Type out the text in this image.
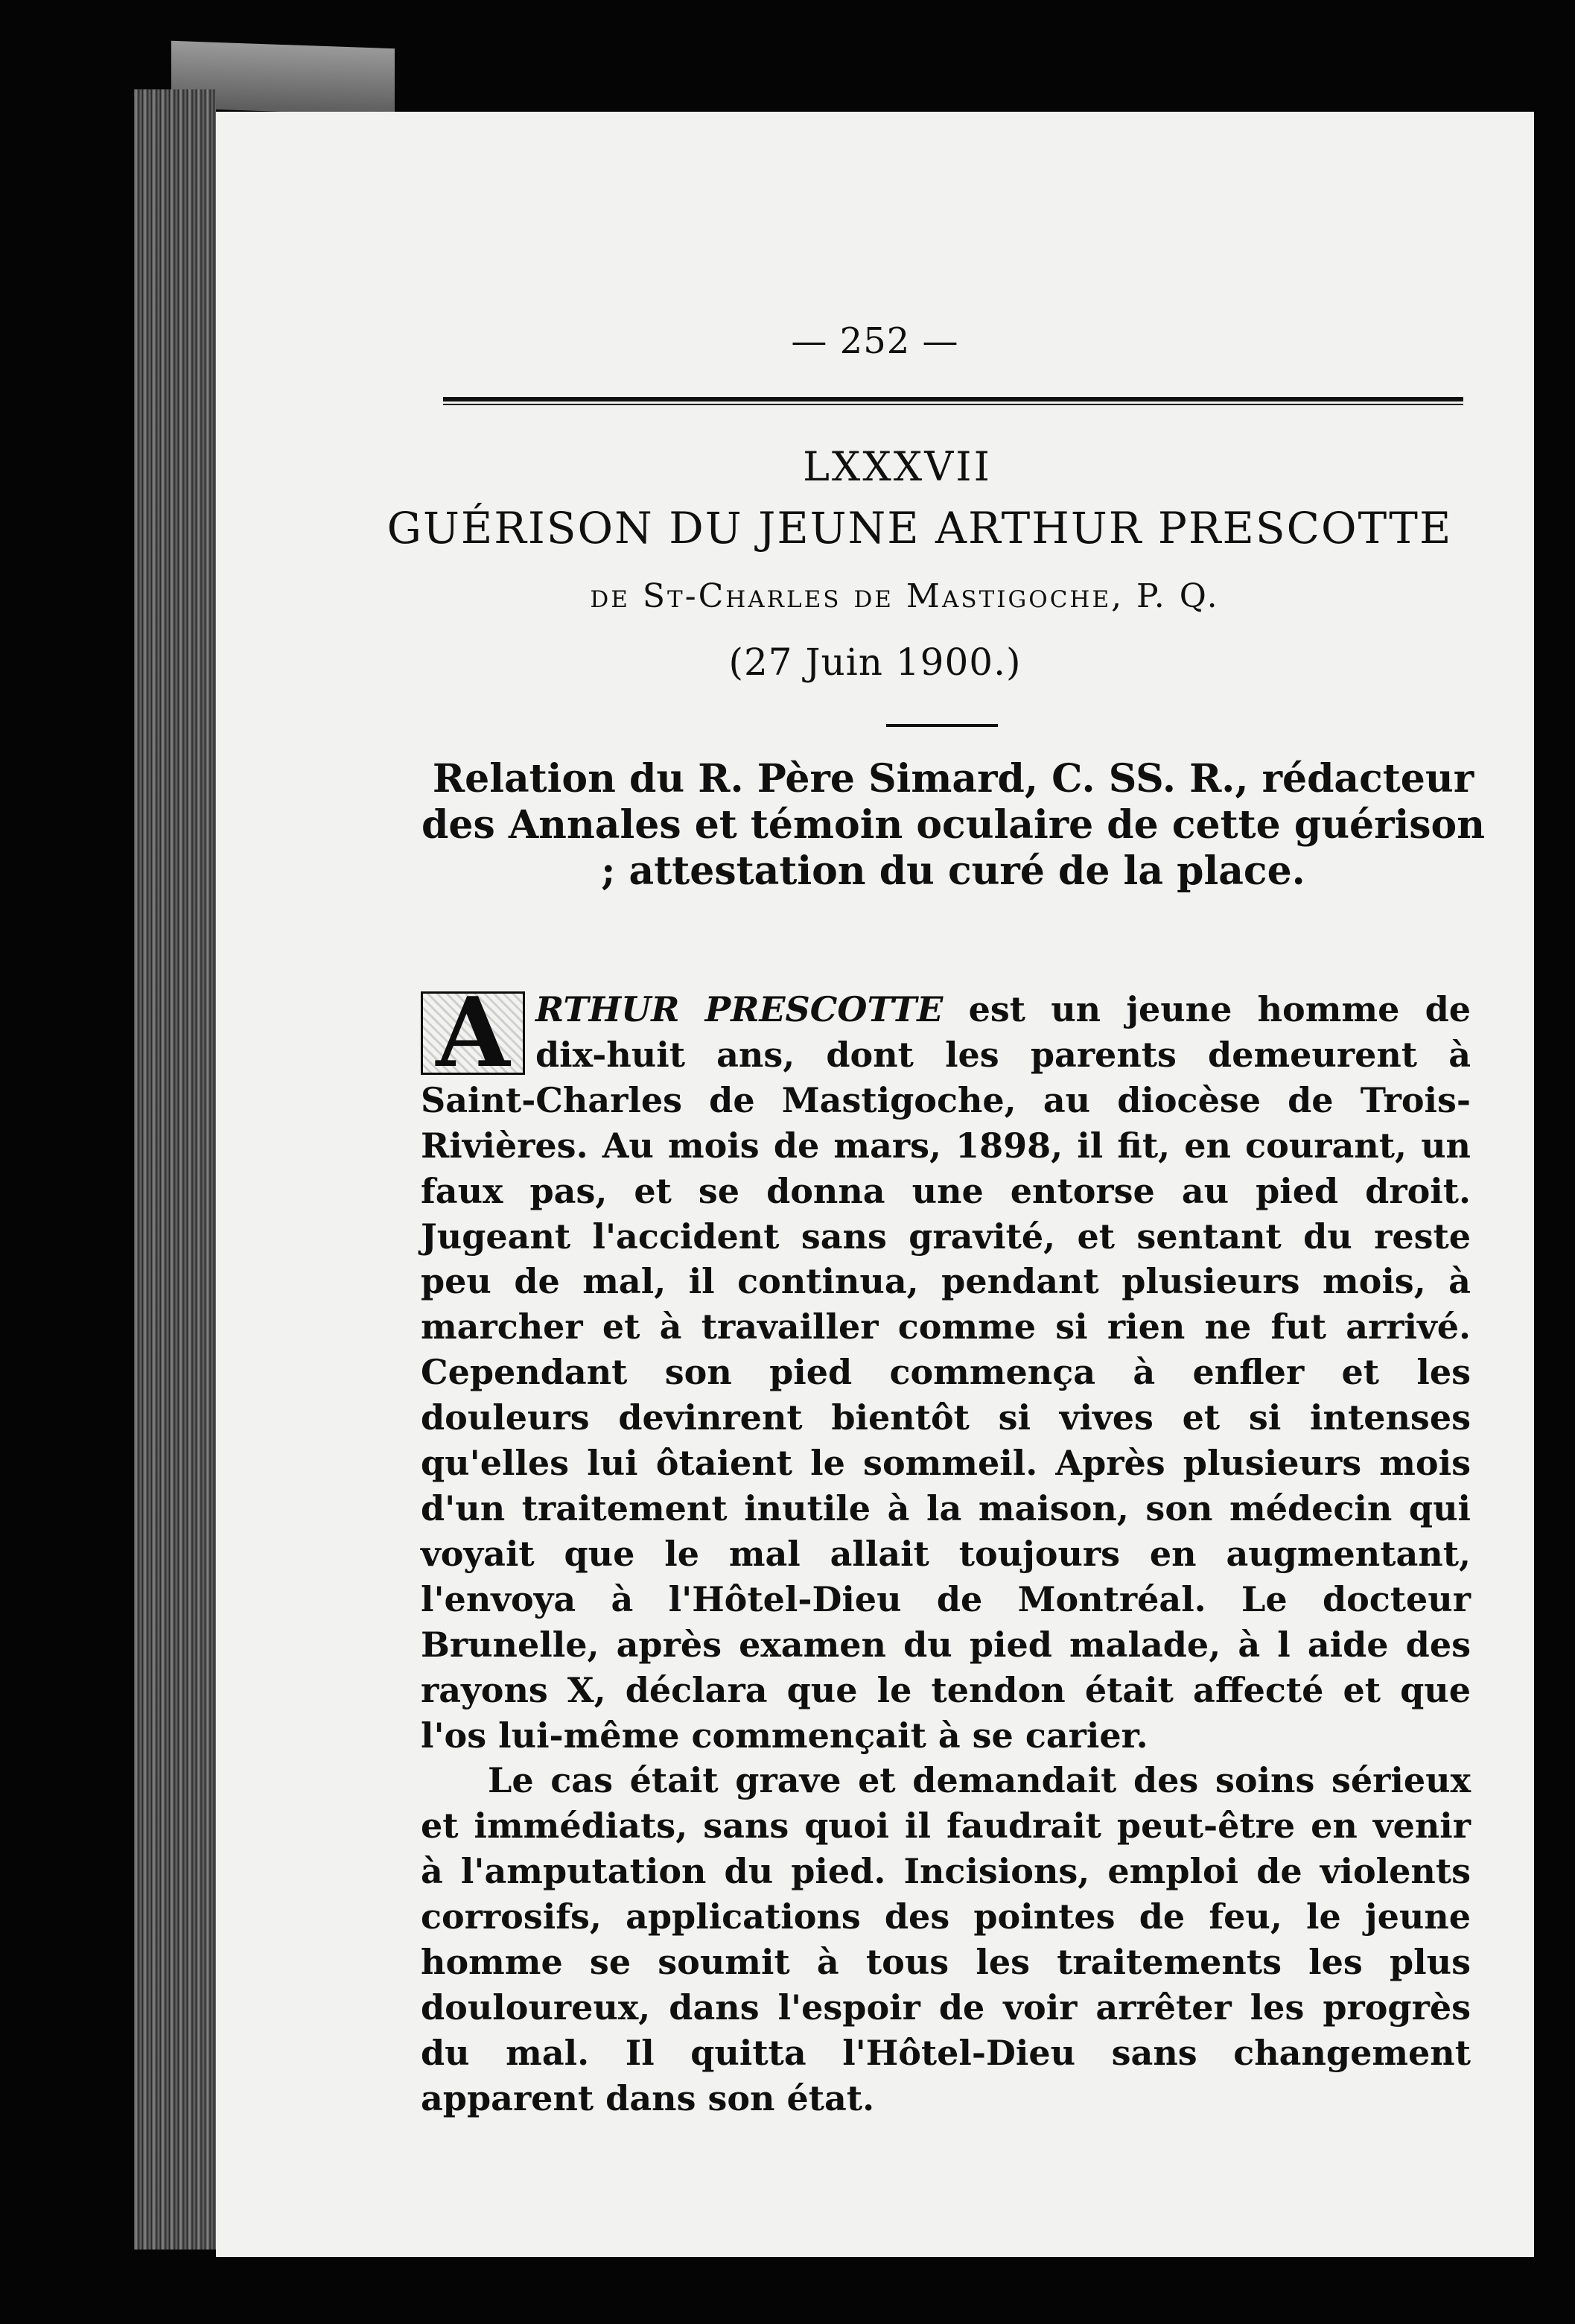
— 252 —
LXXXVII
GUÉRISON DU JEUNE ARTHUR PRESCOTTE
de St-Charles de Mastigoche, P. Q.
(27 Juin 1900.)
Relation du R. Père Simard, C. SS. R., rédacteur des Annales et témoin oculaire de cette guérison ; attestation du curé de la place.

A RTHUR PRESCOTTE est un jeune homme de dix-huit ans, dont les parents demeurent à Saint-Charles de Mastigoche, au diocèse de Trois-Rivières. Au mois de mars, 1898, il fit, en courant, un faux pas, et se donna une entorse au pied droit. Jugeant l'accident sans gravité, et sentant du reste peu de mal, il continua, pendant plusieurs mois, à marcher et à travailler comme si rien ne fut arrivé. Cependant son pied commença à enfler et les douleurs devinrent bientôt si vives et si intenses qu'elles lui ôtaient le sommeil. Après plusieurs mois d'un traitement inutile à la maison, son médecin qui voyait que le mal allait toujours en augmentant, l'envoya à l'Hôtel-Dieu de Montréal. Le docteur Brunelle, après examen du pied malade, à l aide des rayons X, déclara que le tendon était affecté et que l'os lui-même commençait à se carier.

Le cas était grave et demandait des soins sérieux et immédiats, sans quoi il faudrait peut-être en venir à l'amputation du pied. Incisions, emploi de violents corrosifs, applications des pointes de feu, le jeune homme se soumit à tous les traitements les plus douloureux, dans l'espoir de voir arrêter les progrès du mal. Il quitta l'Hôtel-Dieu sans changement apparent dans son état.
